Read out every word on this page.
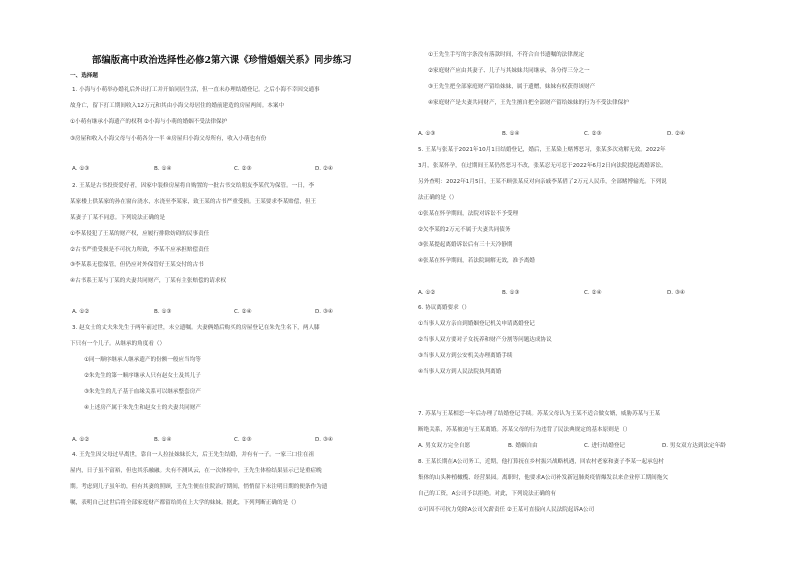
部编版高中政治选择性必修2第六课《珍惜婚姻关系》同步练习
一、选择题
1. 小海与小萌举办婚礼后外出打工并开始同居生活，但一直未办理结婚登记。之后小海不幸因交通事
故身亡，留下打工期间收入12万元和其由小海父母居住的婚前建造的房屋两间。本案中
①小萌有继承小海遗产的权利 ②小海与小萌的婚姻不受法律保护
③房屋和收入小海父母与小萌各分一半 ④房屋归小海父母所有，收入小萌也有份
A. ①③	B. ①④	C. ②③	D. ②④
2. 王某是古书投资爱好者，因家中装修房屋将自购置的一批古书交给朋友李某代为保管。一日，李
某家楼上供某家的孙在窗台浇水，水浇至李某家，致王某的古书严重受损。王某要求李某赔偿，但王
某妻子丁某不同意。下列说法正确的是
①李某侵犯了王某的财产权，应履行排除妨碍的民事责任
②古书严重受损是不可抗力所致，李某不应承担赔偿责任
③李某系无偿保管，但仍应对外保管好王某交付的古书
④古书系王某与丁某的夫妻共同财产，丁某有主张赔偿的请求权
A. ①②	B. ①③	C. ②④	D. ③④
3. 赵女士的丈夫朱先生于两年前过世，未立遗嘱。夫妻俩婚后购买的房屋登记在朱先生名下，两人膝
下只有一个儿子。从继承的角度看（）
①同一顺序继承人继承遗产的份额一般应当均等
②朱先生的第一顺序继承人只有赵女士及其儿子
③朱先生的儿子基于血缘关系可以继承整套房产
④上述房产属于朱先生和赵女士的夫妻共同财产
A. ①②	B. ①④	C. ②③	D. ③④
4. 王先生因父母过早离世，靠自一人拉扯妹妹长大，后王先生结婚，并有有一子。一家三口住在祖
屋内，日子虽不富裕，但也其乐融融。夫有不测风云，在一次体检中，王先生体检结果显示已是重症晚
期。考虑到儿子虽年幼，但有其妻的照顾，王先生便在住院治疗期间，悄悄留下未注明日期的便条作为遗
嘱，表明自己过世后将全部家庭财产都留给尚在上大学的妹妹。据此，下列判断正确的是（）
①王先生手写的字条没有落款时间，不符合自书遗嘱的法律规定
②家庭财产应由其妻子、儿子与其妹妹共同继承，各分得三分之一
③王先生把全部家庭财产留给妹妹，属于遗赠，妹妹有权获得该财产
④家庭财产是夫妻共同财产，王先生擅自把全部财产留给妹妹的行为不受法律保护
A. ①③	B. ①④	C. ②③	D. ②④
5. 王某与张某于2021年10月1日结婚登记，婚后，王某染上赌博恶习，张某多次劝解无效。2022年
3月，张某怀孕，在过期间王某仍然恶习不改，张某忍无可忍于2022年6月2日向法院提起离婚诉讼。
另外查明：2022年1月5日，王某不顾张某反对向亲戚李某借了2万元人民币，全部赌博输光。下列说
法正确的是（）
①张某在怀孕期间，法院对诉讼不予受理
②欠李某的2万元不属于夫妻共同债务
③张某提起离婚诉讼后有三十天冷静期
④张某在怀孕期间，若法院调解无效，准予离婚
A. ①②	B. ①③	C. ②④	D. ③④
6. 协议离婚要求（）
①当事人双方亲自到婚姻登记机关申请离婚登记
②当事人双方要对子女抚养和财产分割等问题达成协议
③当事人双方到公安机关办理离婚手续
④当事人双方到人民法院执判离婚
7. 苏某与王某相恋一年后办理了结婚登记手续。苏某父母认为王某不适合做女婿，威胁苏某与王某
断绝关系，苏某被迫与王某离婚。苏某父母的行为违背了民法典规定的基本原则是（）
A. 男女双方完全自愿	B. 婚姻自由	C. 进行结婚登记	D. 男女双方达到法定年龄
8. 王某长期在A公司务工，近期，他打算抚在乡村振兴战略机遇，回农村老家和妻子李某一起承包村
集体的山头种植橄榄、经营果园。离职时，他要求A公司补发新冠肺炎疫情爆发以来企业停工期间拖欠
自己的工资，A公司予以拒绝。对此，下列说法正确的有
①可因不可抗力免除A公司欠薪责任 ②王某可直接向人民法院起诉A公司
